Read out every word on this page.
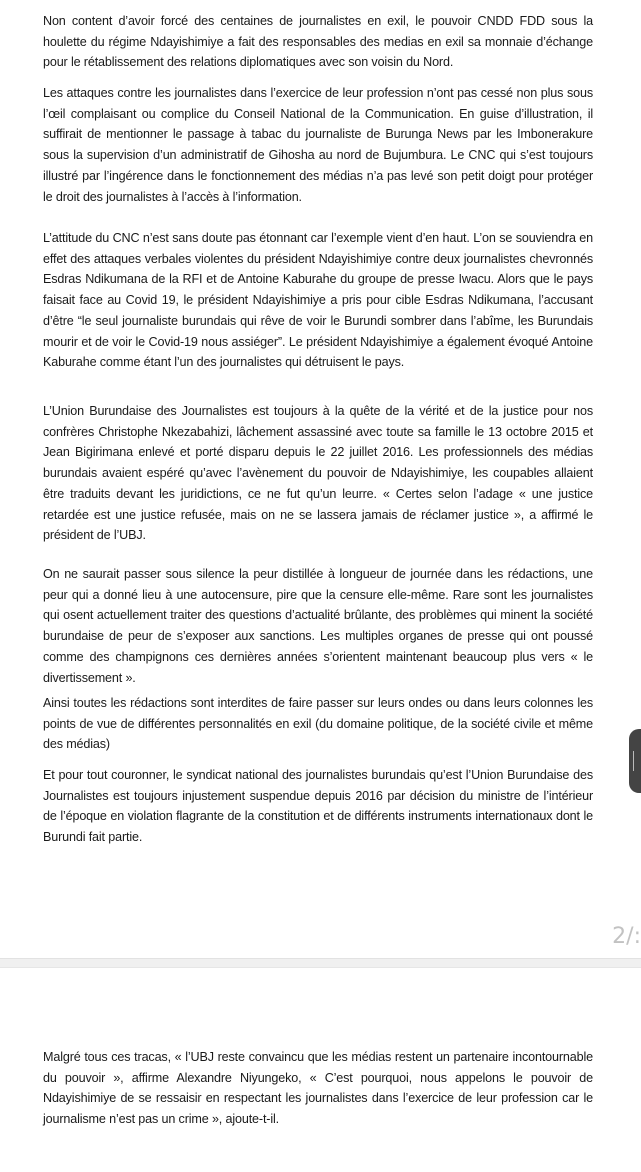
Non content d’avoir forcé des centaines de journalistes en exil, le pouvoir CNDD FDD sous la houlette du régime Ndayishimiye a fait des responsables des medias en exil sa monnaie d’échange pour le rétablissement des relations diplomatiques avec son voisin du Nord.

Les attaques contre les journalistes dans l’exercice de leur profession n’ont pas cessé non plus sous l’œil complaisant ou complice du Conseil National de la Communication. En guise d’illustration, il suffirait de mentionner le passage à tabac du journaliste de Burunga News par les Imbonerakure sous la supervision d’un administratif de Gihosha au nord de Bujumbura. Le CNC qui s’est toujours illustré par l’ingérence dans le fonctionnement des médias n’a pas levé son petit doigt pour protéger le droit des journalistes à l’accès à l’information.

L’attitude du CNC n’est sans doute pas étonnant car l’exemple vient d’en haut. L’on se souviendra en effet des attaques verbales violentes du président Ndayishimiye contre deux journalistes chevronnés Esdras Ndikumana de la RFI et de Antoine Kaburahe du groupe de presse Iwacu. Alors que le pays faisait face au Covid 19, le président Ndayishimiye a pris pour cible Esdras Ndikumana, l’accusant d’être “le seul journaliste burundais qui rêve de voir le Burundi sombrer dans l’abîme, les Burundais mourir et de voir le Covid-19 nous assiéger”. Le président Ndayishimiye a également évoqué Antoine Kaburahe comme étant l’un des journalistes qui détruisent le pays.

L’Union Burundaise des Journalistes est toujours à la quête de la vérité et de la justice pour nos confrères Christophe Nkezabahizi, lâchement assassiné avec toute sa famille le 13 octobre 2015 et Jean Bigirimana enlevé et porté disparu depuis le 22 juillet 2016. Les professionnels des médias burundais avaient espéré qu’avec l’avènement du pouvoir de Ndayishimiye, les coupables allaient être traduits devant les juridictions, ce ne fut qu’un leurre. « Certes selon l’adage « une justice retardée est une justice refusée, mais on ne se lassera jamais de réclamer justice », a affirmé le président de l’UBJ.

On ne saurait passer sous silence la peur distillée à longueur de journée dans les rédactions, une peur qui a donné lieu à une autocensure, pire que la censure elle-même. Rare sont les journalistes qui osent actuellement traiter des questions d’actualité brûlante, des problèmes qui minent la société burundaise de peur de s’exposer aux sanctions. Les multiples organes de presse qui ont poussé comme des champignons ces dernières années s’orientent maintenant beaucoup plus vers « le divertissement ».

Ainsi toutes les rédactions sont interdites de faire passer sur leurs ondes ou dans leurs colonnes les points de vue de différentes personnalités en exil (du domaine politique, de la société civile et même des médias)

Et pour tout couronner, le syndicat national des journalistes burundais qu’est l’Union Burundaise des Journalistes est toujours injustement suspendue depuis 2016 par décision du ministre de l’intérieur de l’époque en violation flagrante de la constitution et de différents instruments internationaux dont le Burundi fait partie.

2/:

Malgré tous ces tracas, « l’UBJ reste convaincu que les médias restent un partenaire incontournable du pouvoir », affirme Alexandre Niyungeko, « C’est pourquoi, nous appelons le pouvoir de Ndayishimiye de se ressaisir en respectant les journalistes dans l’exercice de leur profession car le journalisme n’est pas un crime », ajoute-t-il.
